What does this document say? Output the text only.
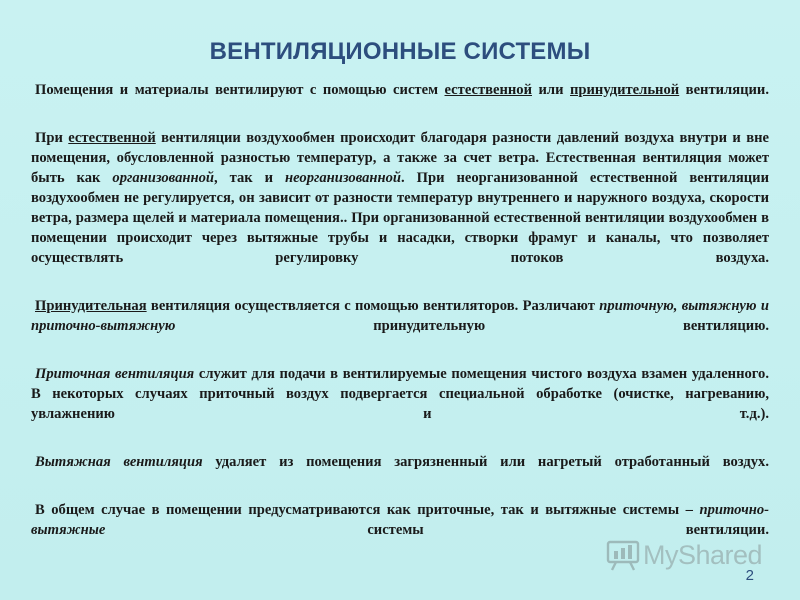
ВЕНТИЛЯЦИОННЫЕ СИСТЕМЫ

Помещения и материалы вентилируют с помощью систем естественной или принудительной вентиляции.

При естественной вентиляции воздухообмен происходит благодаря разности давлений воздуха внутри и вне помещения, обусловленной разностью температур, а также за счет ветра. Естественная вентиляция может быть как организованной, так и неорганизованной. При неорганизованной естественной вентиляции воздухообмен не регулируется, он зависит от разности температур внутреннего и наружного воздуха, скорости ветра, размера щелей и материала помещения.. При организованной естественной вентиляции воздухообмен в помещении происходит через вытяжные трубы и насадки, створки фрамуг и каналы, что позволяет осуществлять регулировку потоков воздуха.

Принудительная вентиляция осуществляется с помощью вентиляторов. Различают приточную, вытяжную и приточно-вытяжную принудительную вентиляцию.

Приточная вентиляция служит для подачи в вентилируемые помещения чистого воздуха взамен удаленного. В некоторых случаях приточный воздух подвергается специальной обработке (очистке, нагреванию, увлажнению и т.д.).

Вытяжная вентиляция удаляет из помещения загрязненный или нагретый отработанный воздух.

В общем случае в помещении предусматриваются как приточные, так и вытяжные системы – приточно-вытяжные системы вентиляции.

MyShared
2
